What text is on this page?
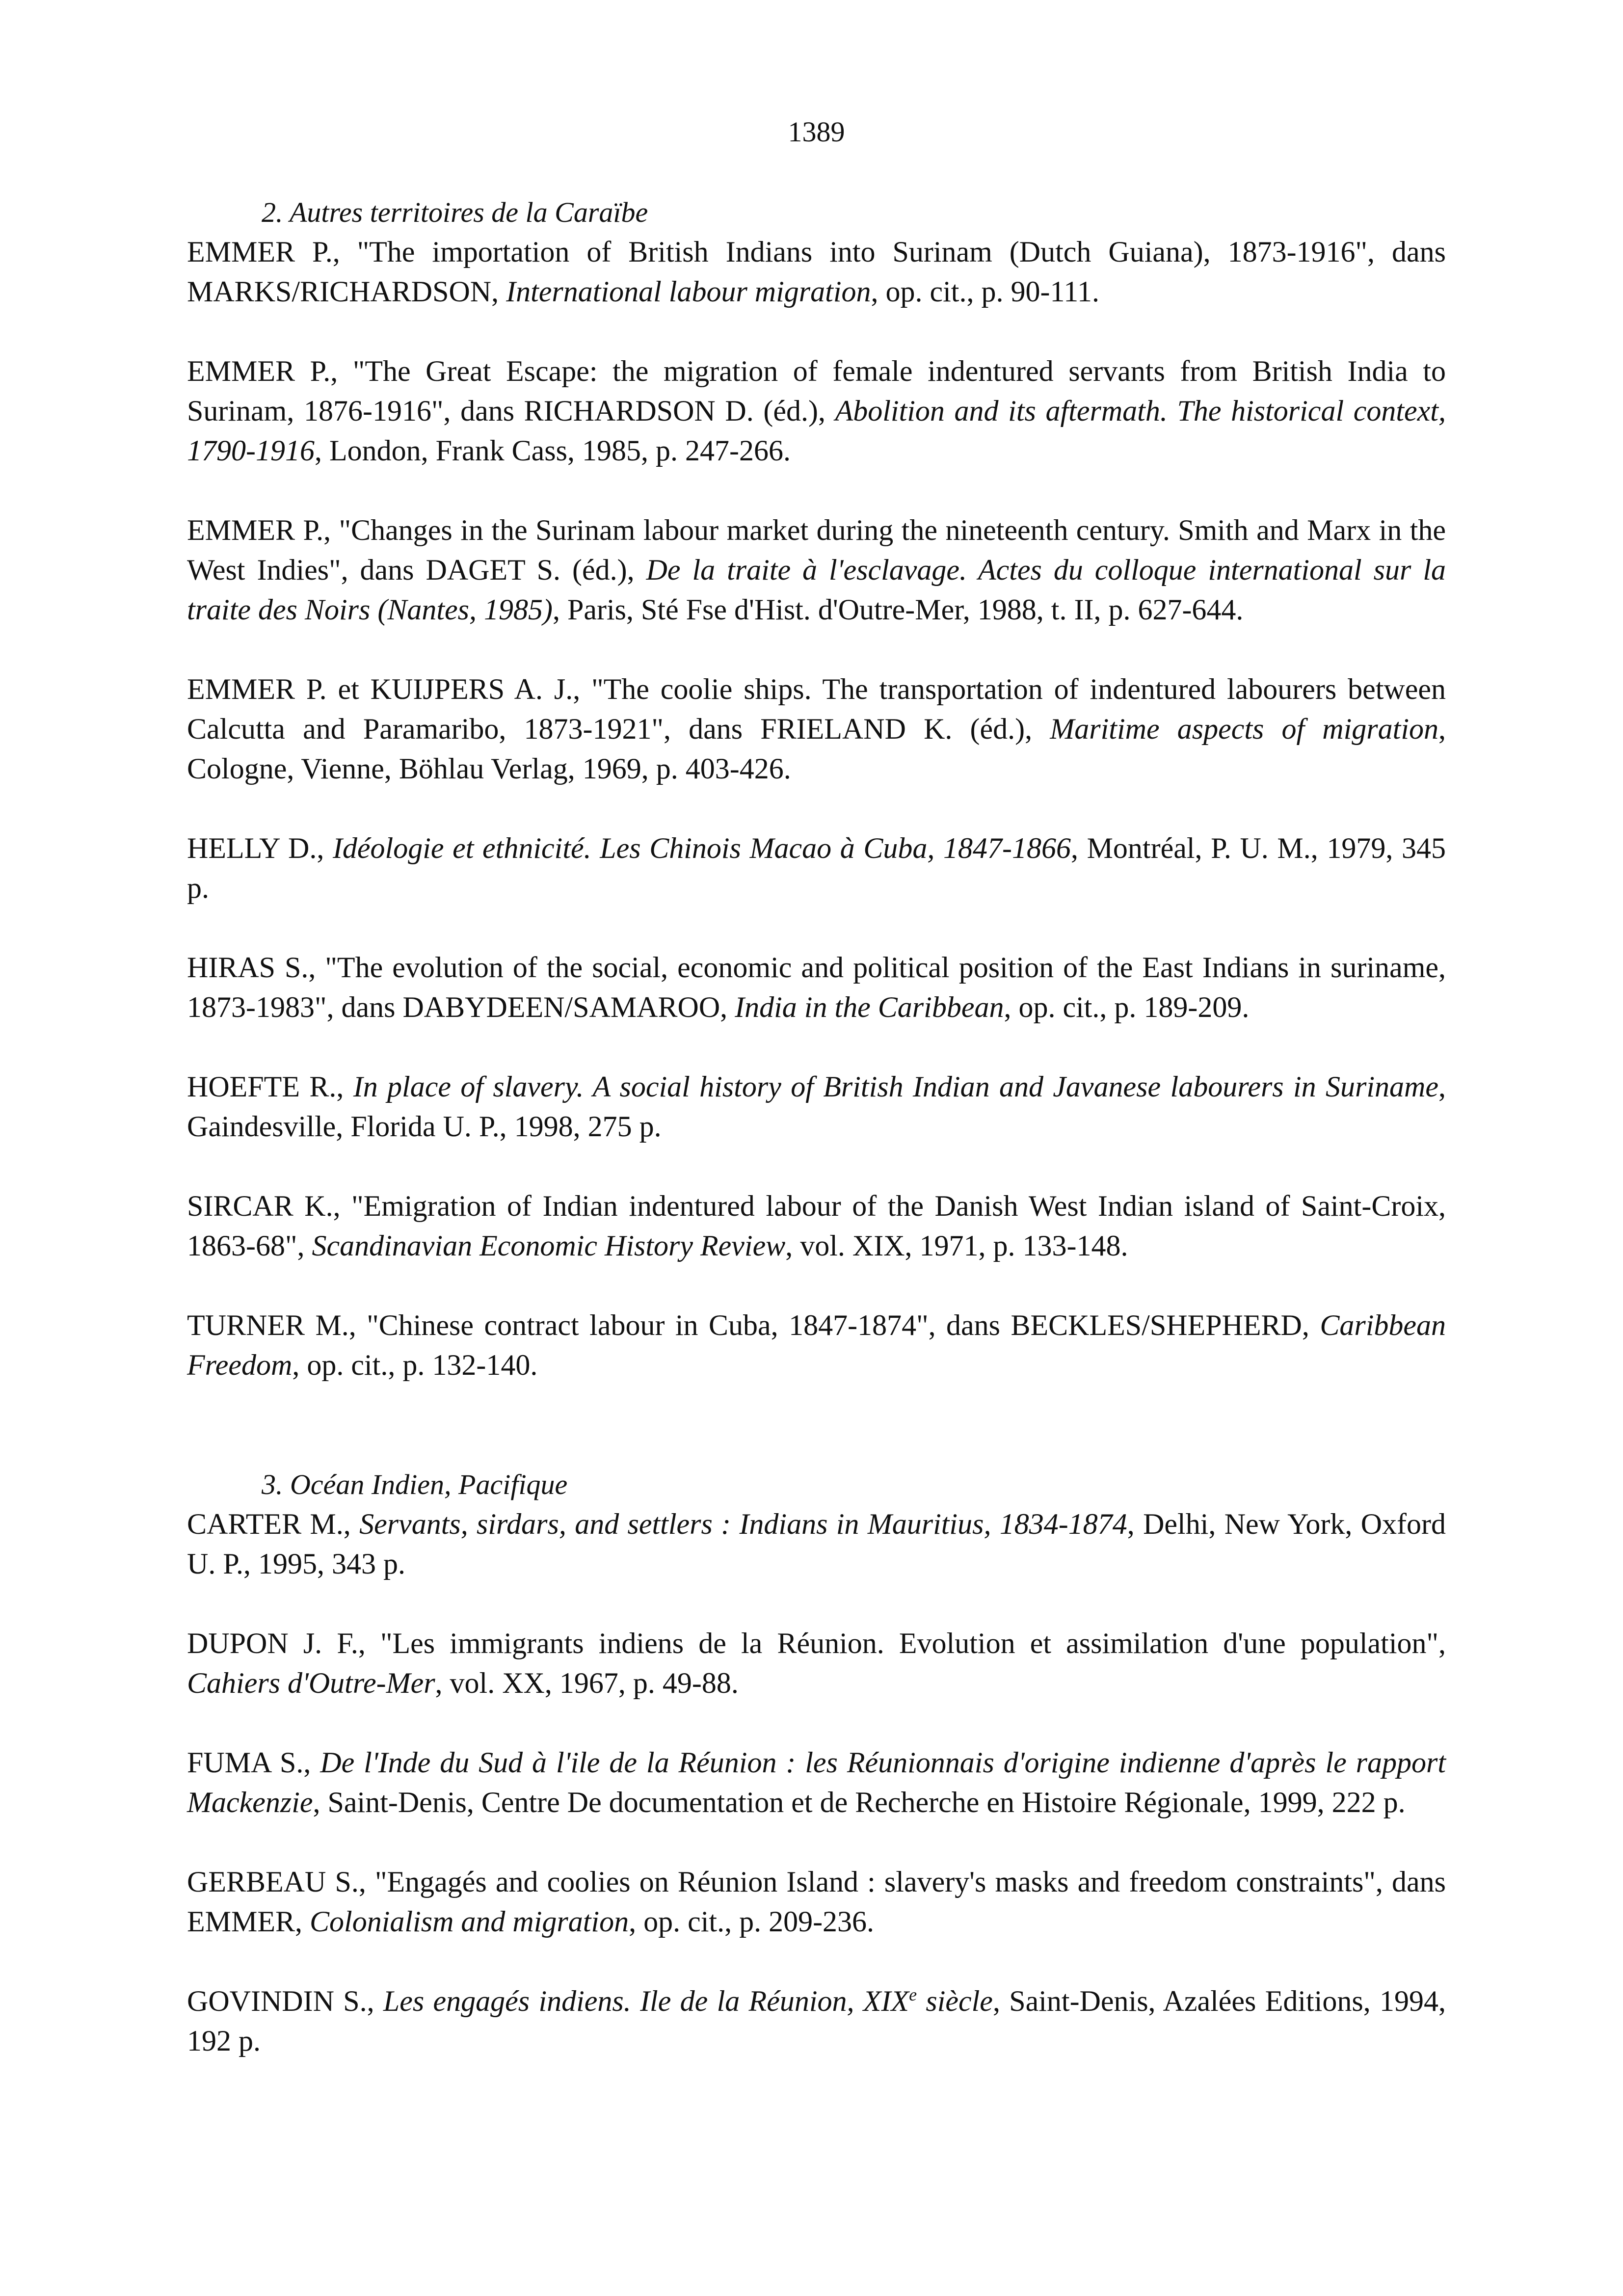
1389
2. Autres territoires de la Caraïbe

EMMER P., "The importation of British Indians into Surinam (Dutch Guiana), 1873-1916", dans MARKS/RICHARDSON, International labour migration, op. cit., p. 90-111.

EMMER P., "The Great Escape: the migration of female indentured servants from British India to Surinam, 1876-1916", dans RICHARDSON D. (éd.), Abolition and its aftermath. The historical context, 1790-1916, London, Frank Cass, 1985, p. 247-266.

EMMER P., "Changes in the Surinam labour market during the nineteenth century. Smith and Marx in the West Indies", dans DAGET S. (éd.), De la traite à l'esclavage. Actes du colloque international sur la traite des Noirs (Nantes, 1985), Paris, Sté Fse d'Hist. d'Outre-Mer, 1988, t. II, p. 627-644.

EMMER P. et KUIJPERS A. J., "The coolie ships. The transportation of indentured labourers between Calcutta and Paramaribo, 1873-1921", dans FRIELAND K. (éd.), Maritime aspects of migration, Cologne, Vienne, Böhlau Verlag, 1969, p. 403-426.

HELLY D., Idéologie et ethnicité. Les Chinois Macao à Cuba, 1847-1866, Montréal, P. U. M., 1979, 345 p.

HIRAS S., "The evolution of the social, economic and political position of the East Indians in suriname, 1873-1983", dans DABYDEEN/SAMAROO, India in the Caribbean, op. cit., p. 189-209.

HOEFTE R., In place of slavery. A social history of British Indian and Javanese labourers in Suriname, Gaindesville, Florida U. P., 1998, 275 p.

SIRCAR K., "Emigration of Indian indentured labour of the Danish West Indian island of Saint-Croix, 1863-68", Scandinavian Economic History Review, vol. XIX, 1971, p. 133-148.

TURNER M., "Chinese contract labour in Cuba, 1847-1874", dans BECKLES/SHEPHERD, Caribbean Freedom, op. cit., p. 132-140.

3. Océan Indien, Pacifique

CARTER M., Servants, sirdars, and settlers : Indians in Mauritius, 1834-1874, Delhi, New York, Oxford U. P., 1995, 343 p.

DUPON J. F., "Les immigrants indiens de la Réunion. Evolution et assimilation d'une population", Cahiers d'Outre-Mer, vol. XX, 1967, p. 49-88.

FUMA S., De l'Inde du Sud à l'ile de la Réunion : les Réunionnais d'origine indienne d'après le rapport Mackenzie, Saint-Denis, Centre De documentation et de Recherche en Histoire Régionale, 1999, 222 p.

GERBEAU S., "Engagés and coolies on Réunion Island : slavery's masks and freedom constraints", dans EMMER, Colonialism and migration, op. cit., p. 209-236.

GOVINDIN S., Les engagés indiens. Ile de la Réunion, XIXe siècle, Saint-Denis, Azalées Editions, 1994, 192 p.
